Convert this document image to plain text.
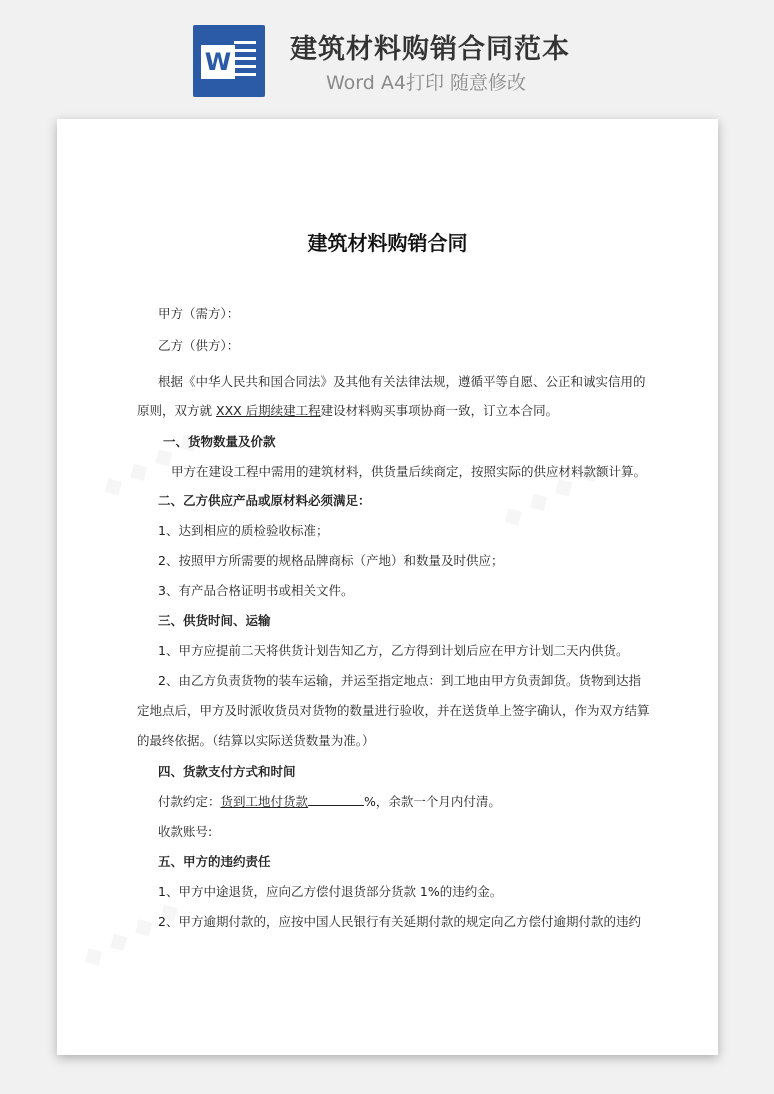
W 建筑材料购销合同范本
Word A4打印 随意修改
建筑材料购销合同
甲方（需方）：
乙方（供方）：
根据《中华人民共和国合同法》及其他有关法律法规，遵循平等自愿、公正和诚实信用的
原则，双方就 XXX 后期续建工程建设材料购买事项协商一致，订立本合同。
一、货物数量及价款
甲方在建设工程中需用的建筑材料，供货量后续商定，按照实际的供应材料款额计算。
二、乙方供应产品或原材料必须满足：
1、达到相应的质检验收标准；
2、按照甲方所需要的规格品牌商标（产地）和数量及时供应；
3、有产品合格证明书或相关文件。
三、供货时间、运输
1、甲方应提前二天将供货计划告知乙方，乙方得到计划后应在甲方计划二天内供货。
2、由乙方负责货物的装车运输，并运至指定地点：到工地由甲方负责卸货。货物到达指
定地点后，甲方及时派收货员对货物的数量进行验收，并在送货单上签字确认，作为双方结算
的最终依据。（结算以实际送货数量为准。）
四、货款支付方式和时间
付款约定：货到工地付货款	%，余款一个月内付清。
收款账号:
五、甲方的违约责任
1、甲方中途退货，应向乙方偿付退货部分货款 1%的违约金。
2、甲方逾期付款的，应按中国人民银行有关延期付款的规定向乙方偿付逾期付款的违约
